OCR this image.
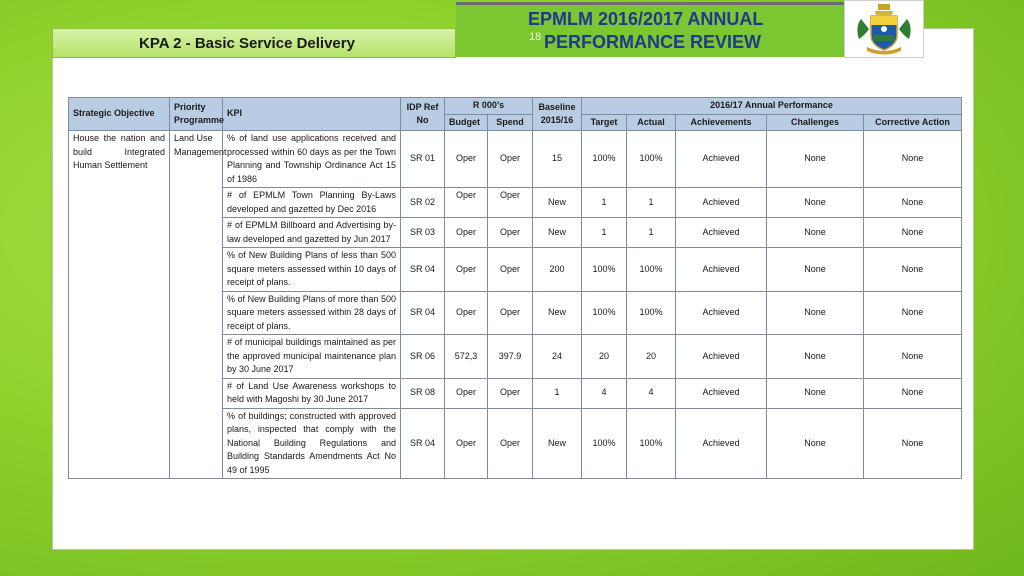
KPA 2 - Basic Service Delivery
EPMLM 2016/2017 ANNUAL
18 PERFORMANCE REVIEW
Strategic Objective	Priority Programme	KPI	IDP Ref No	R 000's		Baseline 2015/16	2016/17 Annual Performance				
				Budget	Spend		Target	Actual	Achievements	Challenges	Corrective Action
House the nation and build Integrated Human Settlement	Land Use Management	% of land use applications received and processed within 60 days as per the Town Planning and Township Ordinance Act 15 of 1986	SR 01	Oper	Oper	15	100%	100%	Achieved	None	None
		# of EPMLM Town Planning By-Laws developed and gazetted by Dec 2016	SR 02	Oper	Oper	New	1	1	Achieved	None	None
		# of EPMLM Billboard and Advertising by-law developed and gazetted by Jun 2017	SR 03	Oper	Oper	New	1	1	Achieved	None	None
		% of New Building Plans of less than 500 square meters assessed within 10 days of receipt of plans.	SR 04	Oper	Oper	200	100%	100%	Achieved	None	None
		% of New Building Plans of more than 500 square meters assessed within 28 days of receipt of plans.	SR 04	Oper	Oper	New	100%	100%	Achieved	None	None
		# of municipal buildings maintained as per the approved municipal maintenance plan by 30 June 2017	SR 06	572,3	397.9	24	20	20	Achieved	None	None
		# of Land Use Awareness workshops to held with Magoshi by 30 June 2017	SR 08	Oper	Oper	1	4	4	Achieved	None	None
		% of buildings; constructed with approved plans, inspected that comply with the National Building Regulations and Building Standards Amendments Act No 49 of 1995	SR 04	Oper	Oper	New	100%	100%	Achieved	None	None
